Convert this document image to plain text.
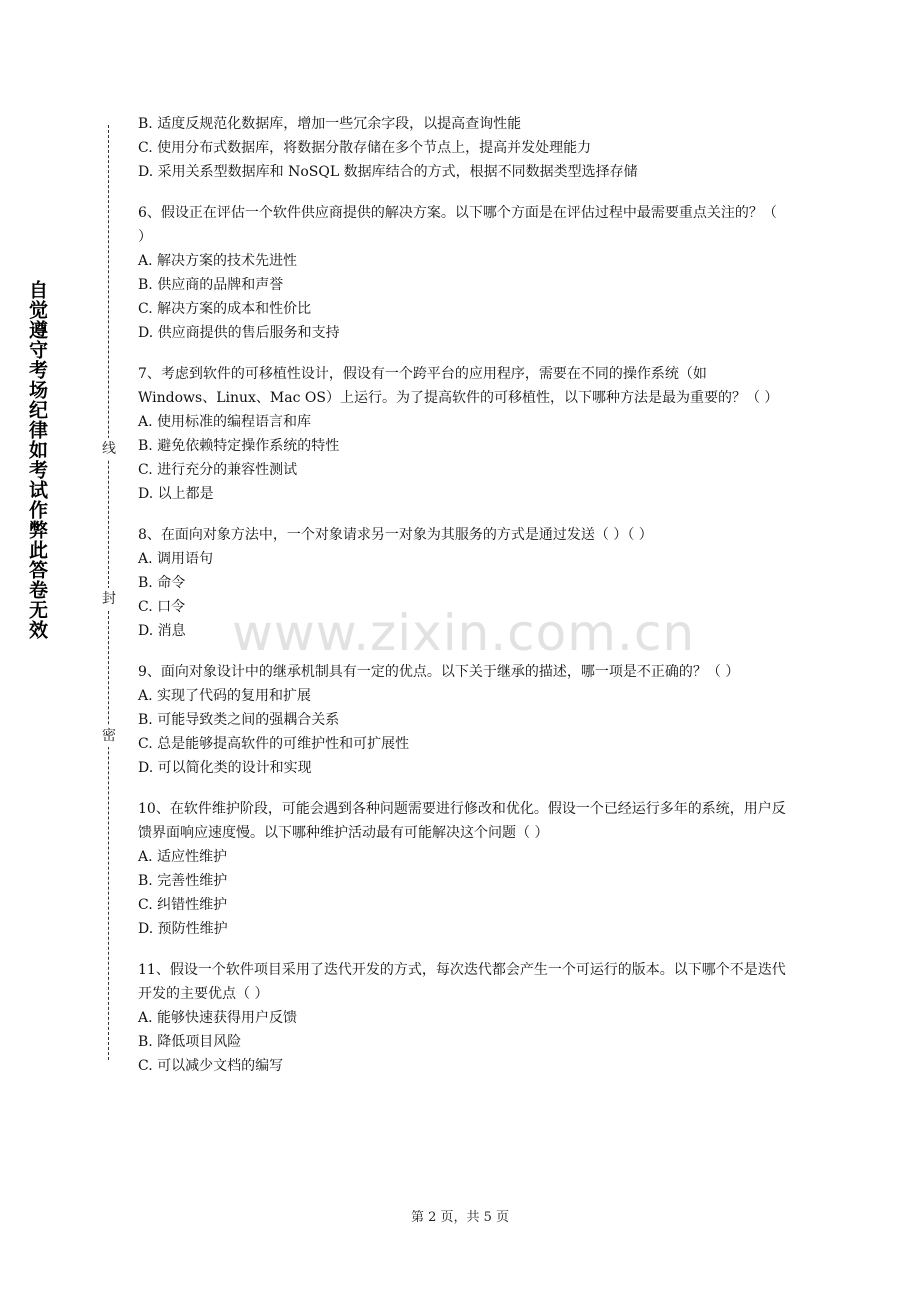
自觉遵守考场纪律如考试作弊此答卷无效	线
封
密
B. 适度反规范化数据库，增加一些冗余字段，以提高查询性能
C. 使用分布式数据库，将数据分散存储在多个节点上，提高并发处理能力
D. 采用关系型数据库和 NoSQL 数据库结合的方式，根据不同数据类型选择存储

6、假设正在评估一个软件供应商提供的解决方案。以下哪个方面是在评估过程中最需要重点关注的？（ ）

A. 解决方案的技术先进性
B. 供应商的品牌和声誉
C. 解决方案的成本和性价比
D. 供应商提供的售后服务和支持

7、考虑到软件的可移植性设计，假设有一个跨平台的应用程序，需要在不同的操作系统（如 Windows、Linux、Mac OS）上运行。为了提高软件的可移植性，以下哪种方法是最为重要的？（ ）

A. 使用标准的编程语言和库
B. 避免依赖特定操作系统的特性
C. 进行充分的兼容性测试
D. 以上都是

8、在面向对象方法中，一个对象请求另一对象为其服务的方式是通过发送（ ）（ ）

A. 调用语句
B. 命令
C. 口令
D. 消息

9、面向对象设计中的继承机制具有一定的优点。以下关于继承的描述，哪一项是不正确的？（ ）

A. 实现了代码的复用和扩展
B. 可能导致类之间的强耦合关系
C. 总是能够提高软件的可维护性和可扩展性
D. 可以简化类的设计和实现

10、在软件维护阶段，可能会遇到各种问题需要进行修改和优化。假设一个已经运行多年的系统，用户反馈界面响应速度慢。以下哪种维护活动最有可能解决这个问题（ ）

A. 适应性维护
B. 完善性维护
C. 纠错性维护
D. 预防性维护

11、假设一个软件项目采用了迭代开发的方式，每次迭代都会产生一个可运行的版本。以下哪个不是迭代开发的主要优点（ ）

A. 能够快速获得用户反馈
B. 降低项目风险
C. 可以减少文档的编写
www.zixin.com.cn
第 2 页，共 5 页
